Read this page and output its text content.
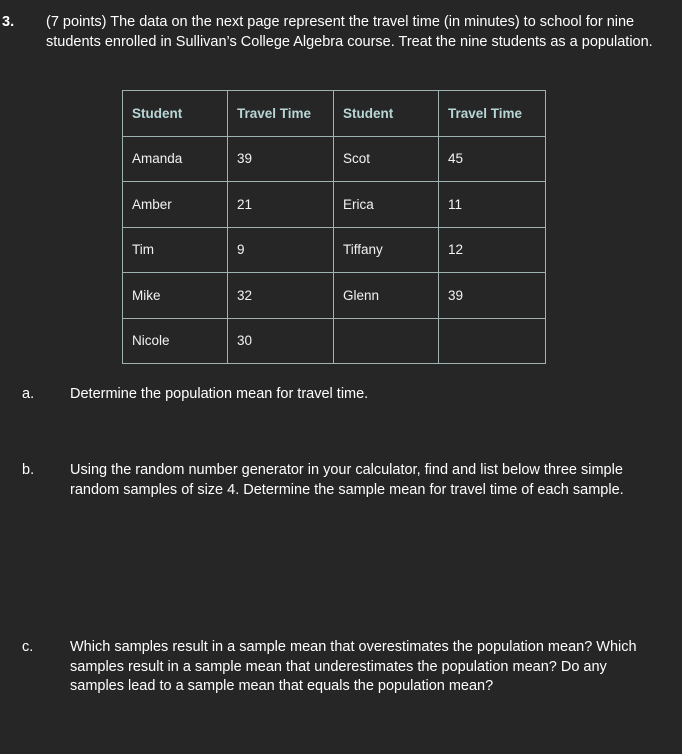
3. (7 points) The data on the next page represent the travel time (in minutes) to school for nine students enrolled in Sullivan’s College Algebra course. Treat the nine students as a population.
Student	Travel Time	Student	Travel Time
Amanda	39	Scot	45
Amber	21	Erica	11
Tim	9	Tiffany	12
Mike	32	Glenn	39
Nicole	30		
a. Determine the population mean for travel time.
b. Using the random number generator in your calculator, find and list below three simple random samples of size 4. Determine the sample mean for travel time of each sample.
c.	Which samples result in a sample mean that overestimates the population mean? Which samples result in a sample mean that underestimates the population mean? Do any samples lead to a sample mean that equals the population mean?
